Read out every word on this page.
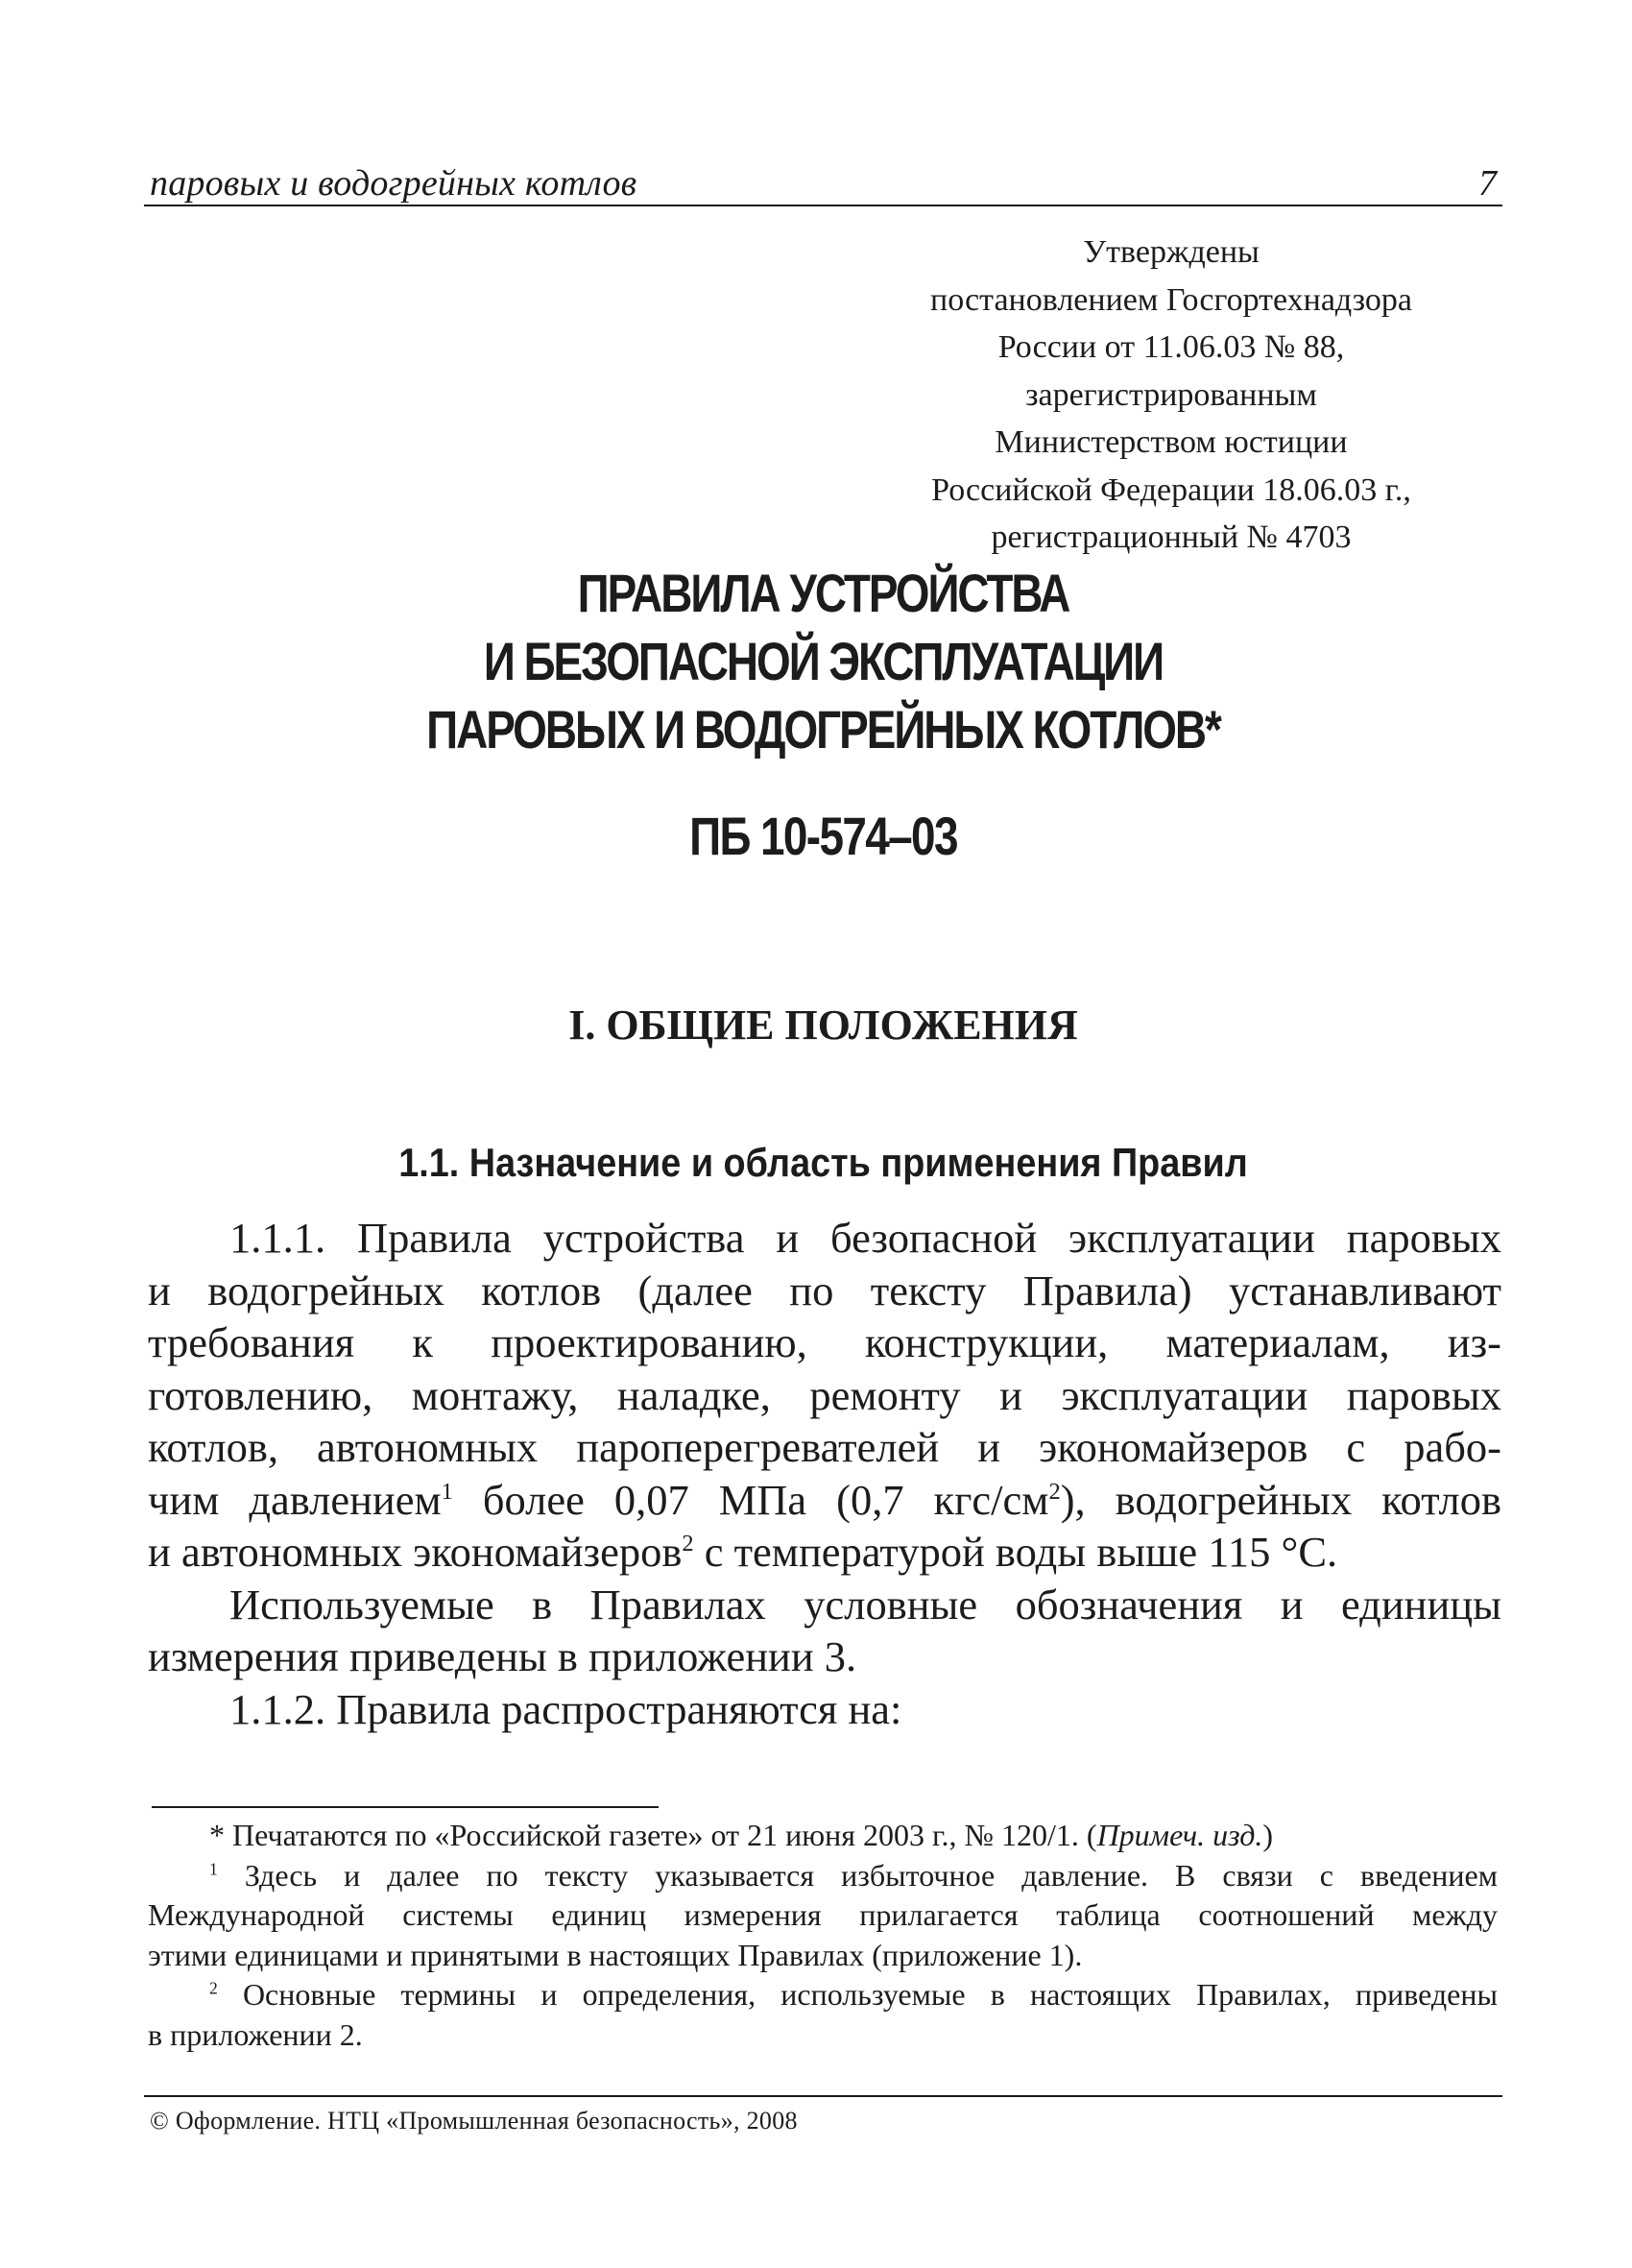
паровых и водогрейных котлов	7
Утверждены
постановлением Госгортехнадзора
России от 11.06.03 № 88,
зарегистрированным
Министерством юстиции
Российской Федерации 18.06.03 г.,
регистрационный № 4703
ПРАВИЛА УСТРОЙСТВА
И БЕЗОПАСНОЙ ЭКСПЛУАТАЦИИ
ПАРОВЫХ И ВОДОГРЕЙНЫХ КОТЛОВ*
ПБ 10-574–03
I. ОБЩИЕ ПОЛОЖЕНИЯ
1.1. Назначение и область применения Правил
1.1.1. Правила устройства и безопасной эксплуатации паровых
и водогрейных котлов (далее по тексту Правила) устанавливают
требования к проектированию, конструкции, материалам, из-
готовлению, монтажу, наладке, ремонту и эксплуатации паровых
котлов, автономных пароперегревателей и экономайзеров с рабо-
чим давлением$^1$ более 0,07 МПа (0,7 кгс/$см^2$), водогрейных котлов
и автономных экономайзеров$^2$ с температурой воды выше 115 °С.
Используемые в Правилах условные обозначения и единицы
измерения приведены в приложении 3.
1.1.2. Правила распространяются на:
* Печатаются по «Российской газете» от 21 июня 2003 г., № 120/1. (Примеч. изд.)
$^1$ Здесь и далее по тексту указывается избыточное давление. В связи с введением
Международной системы единиц измерения прилагается таблица соотношений между
этими единицами и принятыми в настоящих Правилах (приложение 1).
$^2$ Основные термины и определения, используемые в настоящих Правилах, приведены
в приложении 2.
© Оформление. НТЦ «Промышленная безопасность», 2008
